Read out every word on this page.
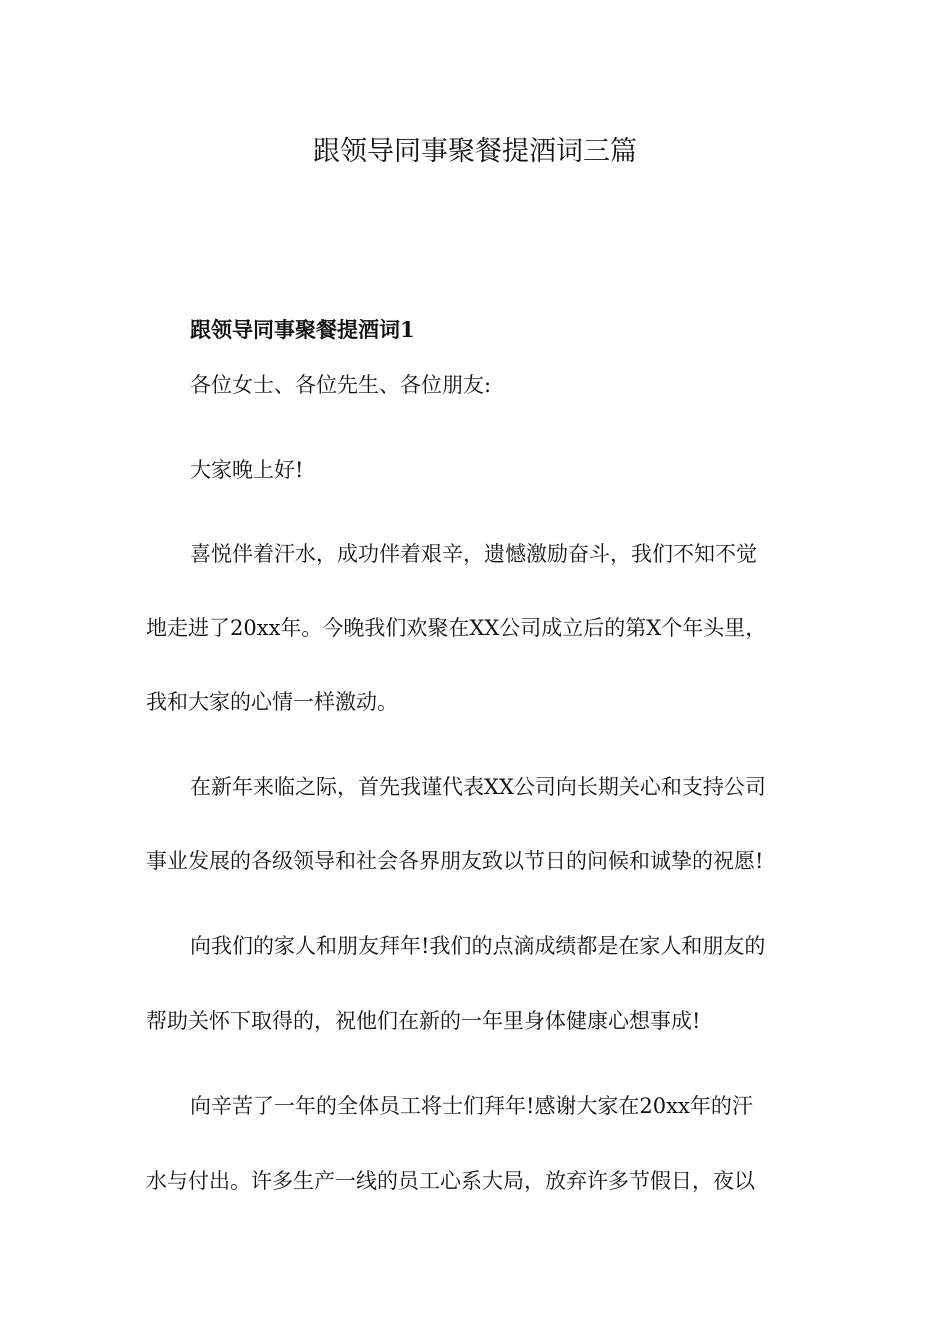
跟领导同事聚餐提酒词三篇
跟领导同事聚餐提酒词1
各位女士、各位先生、各位朋友:
大家晚上好!
喜悦伴着汗水，成功伴着艰辛，遗憾激励奋斗，我们不知不觉
地走进了20xx年。今晚我们欢聚在XX公司成立后的第X个年头里，
我和大家的心情一样激动。
在新年来临之际，首先我谨代表XX公司向长期关心和支持公司
事业发展的各级领导和社会各界朋友致以节日的问候和诚挚的祝愿!
向我们的家人和朋友拜年!我们的点滴成绩都是在家人和朋友的
帮助关怀下取得的，祝他们在新的一年里身体健康心想事成!
向辛苦了一年的全体员工将士们拜年!感谢大家在20xx年的汗
水与付出。许多生产一线的员工心系大局，放弃许多节假日，夜以
